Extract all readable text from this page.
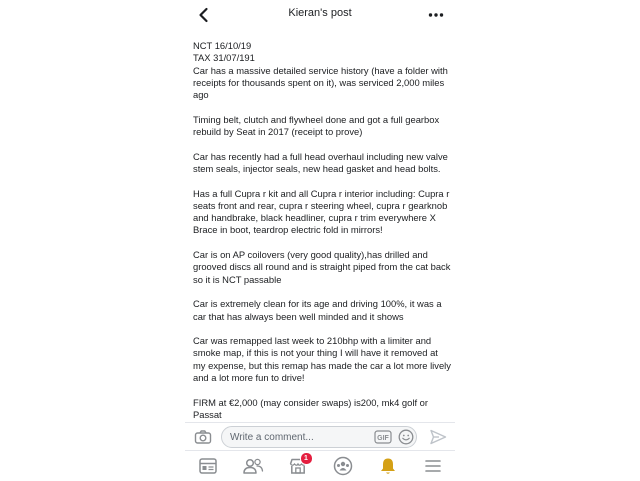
Kieran's post

NCT 16/10/19
TAX 31/07/191
Car has a massive detailed service history (have a folder with receipts for thousands spent on it), was serviced 2,000 miles ago

Timing belt, clutch and flywheel done and got a full gearbox rebuild by Seat in 2017 (receipt to prove)

Car has recently had a full head overhaul including new valve stem seals, injector seals, new head gasket and head bolts.

Has a full Cupra r kit and all Cupra r interior including: Cupra r seats front and rear, cupra r steering wheel, cupra r gearknob and handbrake, black headliner, cupra r trim everywhere X Brace in boot, teardrop electric fold in mirrors!

Car is on AP coilovers (very good quality),has drilled and grooved discs all round and is straight piped from the cat back so it is NCT passable

Car is extremely clean for its age and driving 100%, it was a car that has always been well minded and it shows

Car was remapped last week to 210bhp with a limiter and smoke map, if this is not your thing I will have it removed at my expense, but this remap has made the car a lot more lively and a lot more fun to drive!

FIRM at €2,000 (may consider swaps) is200, mk4 golf or Passat

Write a comment...
GIF
1
